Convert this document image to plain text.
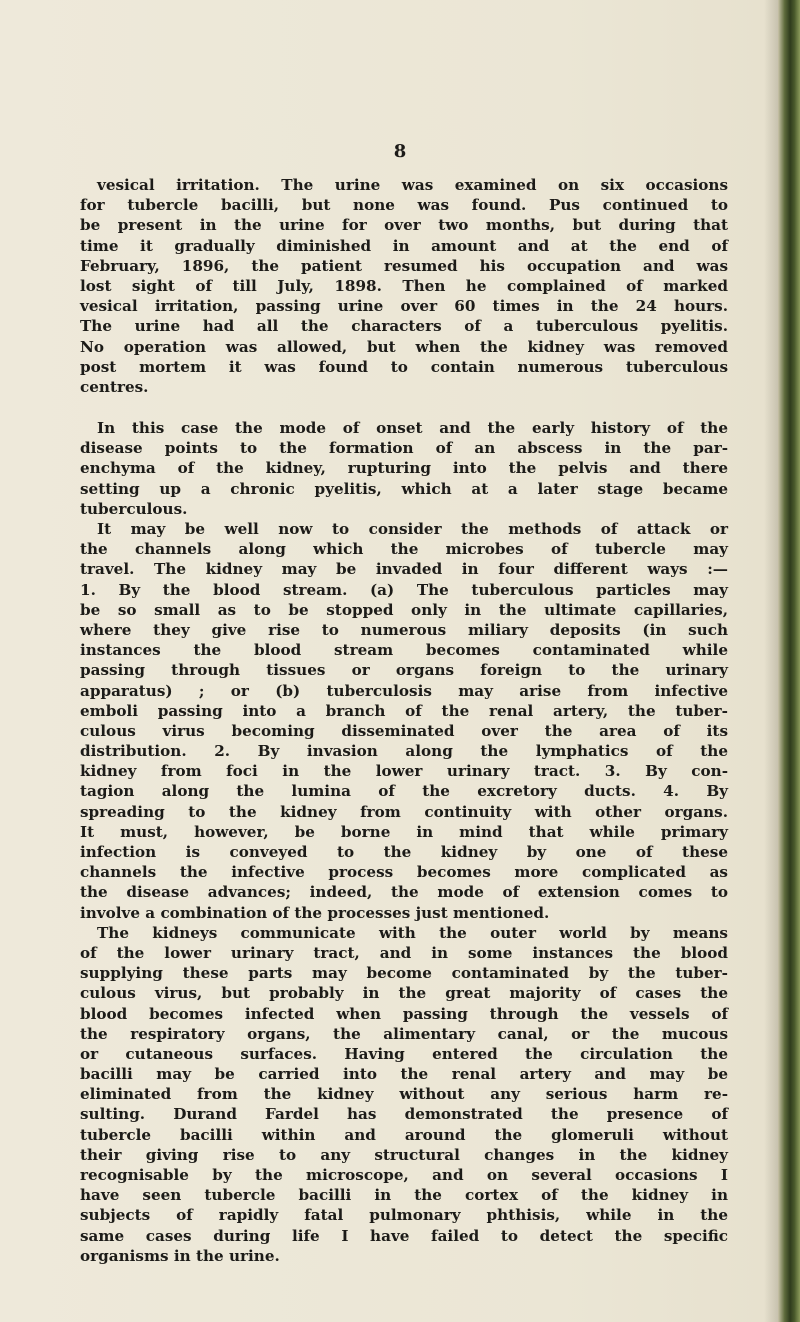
8
vesical irritation. The urine was examined on six occasions
for tubercle bacilli, but none was found. Pus continued to
be present in the urine for over two months, but during that
time it gradually diminished in amount and at the end of
February, 1896, the patient resumed his occupation and was
lost sight of till July, 1898. Then he complained of marked
vesical irritation, passing urine over 60 times in the 24 hours.
The urine had all the characters of a tuberculous pyelitis.
No operation was allowed, but when the kidney was removed
post mortem it was found to contain numerous tuberculous
centres.
In this case the mode of onset and the early history of the
disease points to the formation of an abscess in the par-
enchyma of the kidney, rupturing into the pelvis and there
setting up a chronic pyelitis, which at a later stage became
tuberculous.
It may be well now to consider the methods of attack or
the channels along which the microbes of tubercle may
travel. The kidney may be invaded in four different ways :—
1. By the blood stream. (a) The tuberculous particles may
be so small as to be stopped only in the ultimate capillaries,
where they give rise to numerous miliary deposits (in such
instances the blood stream becomes contaminated while
passing through tissues or organs foreign to the urinary
apparatus) ; or (b) tuberculosis may arise from infective
emboli passing into a branch of the renal artery, the tuber-
culous virus becoming disseminated over the area of its
distribution. 2. By invasion along the lymphatics of the
kidney from foci in the lower urinary tract. 3. By con-
tagion along the lumina of the excretory ducts. 4. By
spreading to the kidney from continuity with other organs.
It must, however, be borne in mind that while primary
infection is conveyed to the kidney by one of these
channels the infective process becomes more complicated as
the disease advances; indeed, the mode of extension comes to
involve a combination of the processes just mentioned.
The kidneys communicate with the outer world by means
of the lower urinary tract, and in some instances the blood
supplying these parts may become contaminated by the tuber-
culous virus, but probably in the great majority of cases the
blood becomes infected when passing through the vessels of
the respiratory organs, the alimentary canal, or the mucous
or cutaneous surfaces. Having entered the circulation the
bacilli may be carried into the renal artery and may be
eliminated from the kidney without any serious harm re-
sulting. Durand Fardel has demonstrated the presence of
tubercle bacilli within and around the glomeruli without
their giving rise to any structural changes in the kidney
recognisable by the microscope, and on several occasions I
have seen tubercle bacilli in the cortex of the kidney in
subjects of rapidly fatal pulmonary phthisis, while in the
same cases during life I have failed to detect the specific
organisms in the urine.
